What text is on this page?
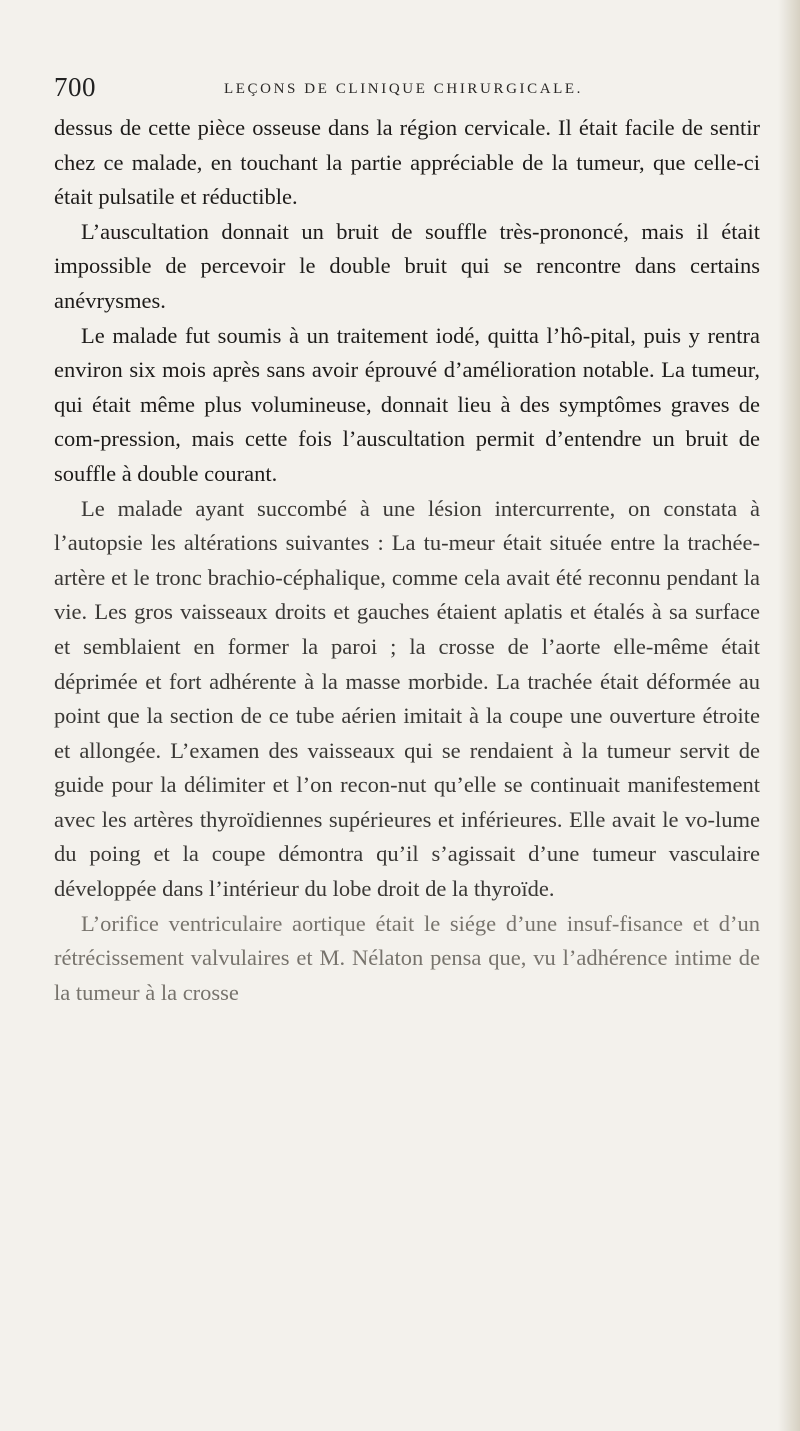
700	LEÇONS DE CLINIQUE CHIRURGICALE.

dessus de cette pièce osseuse dans la région cervicale. Il était facile de sentir chez ce malade, en touchant la partie appréciable de la tumeur, que celle-ci était pulsatile et réductible.

L’auscultation donnait un bruit de souffle très-prononcé, mais il était impossible de percevoir le double bruit qui se rencontre dans certains anévrysmes.

Le malade fut soumis à un traitement iodé, quitta l’hô-pital, puis y rentra environ six mois après sans avoir éprouvé d’amélioration notable. La tumeur, qui était même plus volumineuse, donnait lieu à des symptômes graves de com-pression, mais cette fois l’auscultation permit d’entendre un bruit de souffle à double courant.

Le malade ayant succombé à une lésion intercurrente, on constata à l’autopsie les altérations suivantes : La tu-meur était située entre la trachée-artère et le tronc brachio-céphalique, comme cela avait été reconnu pendant la vie. Les gros vaisseaux droits et gauches étaient aplatis et étalés à sa surface et semblaient en former la paroi ; la crosse de l’aorte elle-même était déprimée et fort adhérente à la masse morbide. La trachée était déformée au point que la section de ce tube aérien imitait à la coupe une ouverture étroite et allongée. L’examen des vaisseaux qui se rendaient à la tumeur servit de guide pour la délimiter et l’on recon-nut qu’elle se continuait manifestement avec les artères thyroïdiennes supérieures et inférieures. Elle avait le vo-lume du poing et la coupe démontra qu’il s’agissait d’une tumeur vasculaire développée dans l’intérieur du lobe droit de la thyroïde.

L’orifice ventriculaire aortique était le siége d’une insuf-fisance et d’un rétrécissement valvulaires et M. Nélaton pensa que, vu l’adhérence intime de la tumeur à la crosse
